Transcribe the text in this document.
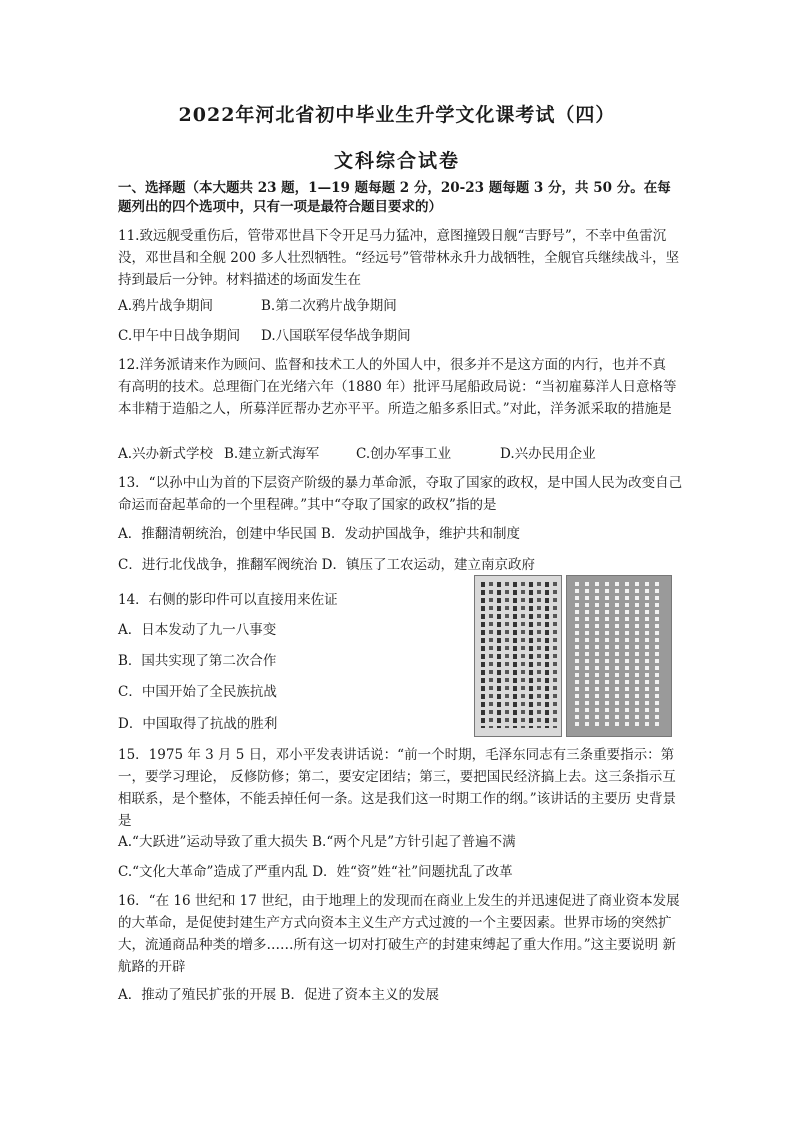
2022年河北省初中毕业生升学文化课考试（四）
文科综合试卷
一、选择题（本大题共 23 题，1—19 题每题 2 分，20-23 题每题 3 分，共 50 分。在每题列出的四个选项中，只有一项是最符合题目要求的）
11.致远舰受重伤后，管带邓世昌下令开足马力猛冲，意图撞毁日舰“吉野号”，不幸中鱼雷沉没，邓世昌和全舰 200 多人壮烈牺牲。“经远号”管带林永升力战牺牲，全舰官兵继续战斗，坚持到最后一分钟。材料描述的场面发生在
A.鸦片战争期间	B.第二次鸦片战争期间
C.甲午中日战争期间 D.八国联军侵华战争期间
12.洋务派请来作为顾问、监督和技术工人的外国人中，很多并不是这方面的内行，也并不真 有高明的技术。总理衙门在光绪六年（1880 年）批评马尾船政局说：“当初雇募洋人日意格等本非精于造船之人，所募洋匠帮办艺亦平平。所造之船多系旧式。”对此，洋务派采取的措施是
A.兴办新式学校 B.建立新式海军	C.创办军事工业	D.兴办民用企业
13．“以孙中山为首的下层资产阶级的暴力革命派，夺取了国家的政权，是中国人民为改变自己命运而奋起革命的一个里程碑。”其中“夺取了国家的政权”指的是
A．推翻清朝统治，创建中华民国 B．发动护国战争，维护共和制度
C．进行北伐战争，推翻军阀统治 D．镇压了工农运动，建立南京政府
14．右侧的影印件可以直接用来佐证
A．日本发动了九一八事变
B．国共实现了第二次合作
C．中国开始了全民族抗战
D．中国取得了抗战的胜利
15．1975 年 3 月 5 日，邓小平发表讲话说：“前一个时期，毛泽东同志有三条重要指示：第一，要学习理论， 反修防修；第二，要安定团结；第三，要把国民经济搞上去。这三条指示互相联系，是个整体，不能丢掉任何一条。这是我们这一时期工作的纲。”该讲话的主要历 史背景是
A.“大跃进”运动导致了重大损失 B.“两个凡是”方针引起了普遍不满
C.“文化大革命”造成了严重内乱 D．姓“资”姓“社”问题扰乱了改革
16．“在 16 世纪和 17 世纪，由于地理上的发现而在商业上发生的并迅速促进了商业资本发展 的大革命，是促使封建生产方式向资本主义生产方式过渡的一个主要因素。世界市场的突然扩大，流通商品种类的增多……所有这一切对打破生产的封建束缚起了重大作用。”这主要说明 新航路的开辟
A．推动了殖民扩张的开展 B．促进了资本主义的发展
